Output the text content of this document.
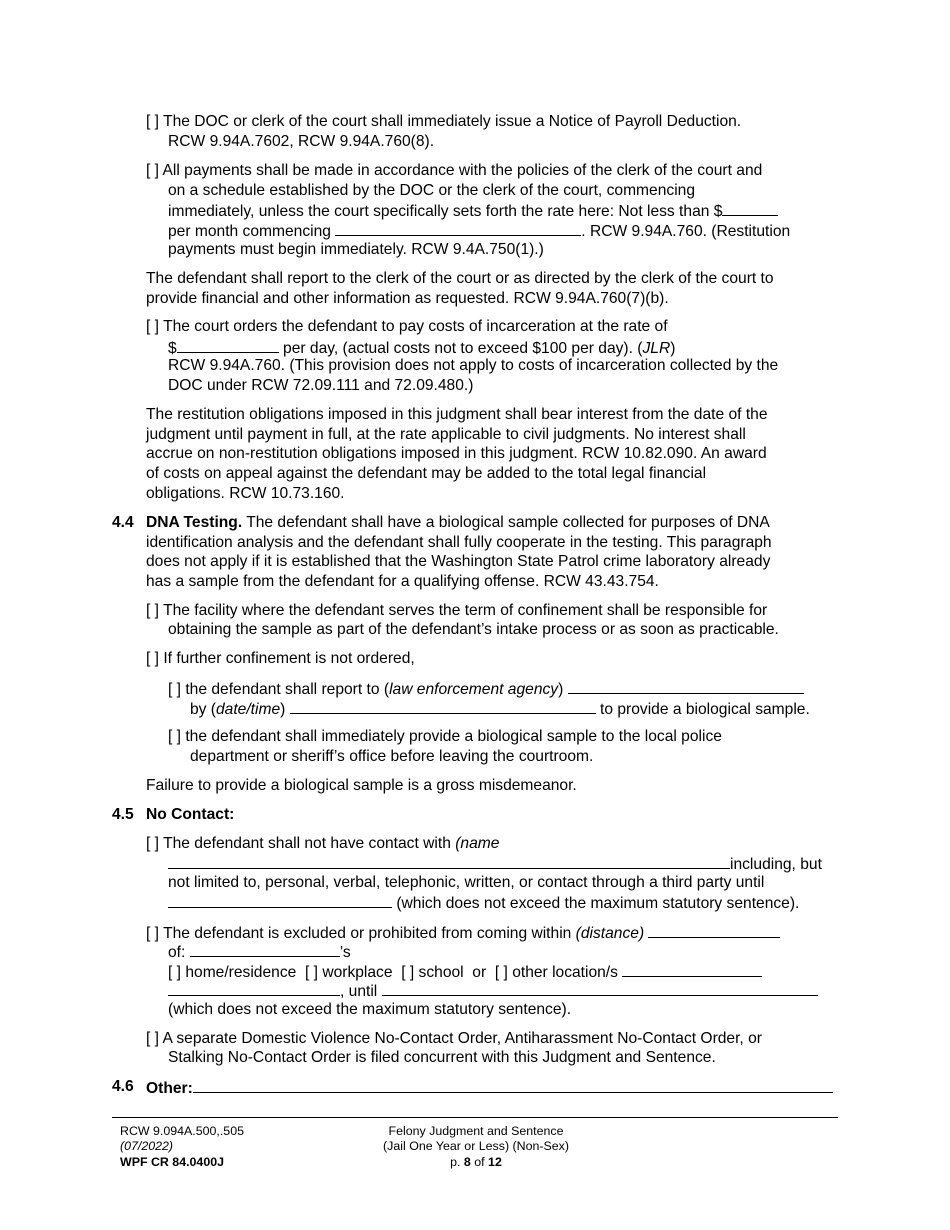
[ ] The DOC or clerk of the court shall immediately issue a Notice of Payroll Deduction.
RCW 9.94A.7602, RCW 9.94A.760(8).
[ ] All payments shall be made in accordance with the policies of the clerk of the court and
on a schedule established by the DOC or the clerk of the court, commencing
immediately, unless the court specifically sets forth the rate here: Not less than $
per month commencing	. RCW 9.94A.760. (Restitution
payments must begin immediately. RCW 9.4A.750(1).)
The defendant shall report to the clerk of the court or as directed by the clerk of the court to
provide financial and other information as requested. RCW 9.94A.760(7)(b).
[ ] The court orders the defendant to pay costs of incarceration at the rate of
$	per day, (actual costs not to exceed $100 per day). (JLR)
RCW 9.94A.760. (This provision does not apply to costs of incarceration collected by the
DOC under RCW 72.09.111 and 72.09.480.)
The restitution obligations imposed in this judgment shall bear interest from the date of the
judgment until payment in full, at the rate applicable to civil judgments. No interest shall
accrue on non-restitution obligations imposed in this judgment. RCW 10.82.090. An award
of costs on appeal against the defendant may be added to the total legal financial
obligations. RCW 10.73.160.
4.4 DNA Testing. The defendant shall have a biological sample collected for purposes of DNA
identification analysis and the defendant shall fully cooperate in the testing. This paragraph
does not apply if it is established that the Washington State Patrol crime laboratory already
has a sample from the defendant for a qualifying offense. RCW 43.43.754.
[ ] The facility where the defendant serves the term of confinement shall be responsible for
obtaining the sample as part of the defendant’s intake process or as soon as practicable.
[ ] If further confinement is not ordered,
[ ] the defendant shall report to (law enforcement agency)
by (date/time)	to provide a biological sample.
[ ] the defendant shall immediately provide a biological sample to the local police
department or sheriff’s office before leaving the courtroom.
Failure to provide a biological sample is a gross misdemeanor.
4.5 No Contact:
[ ] The defendant shall not have contact with (name
including, but
not limited to, personal, verbal, telephonic, written, or contact through a third party until
(which does not exceed the maximum statutory sentence).
[ ] The defendant is excluded or prohibited from coming within (distance)
of:	’s
[ ] home/residence [ ] workplace [ ] school or [ ] other location/s
, until
(which does not exceed the maximum statutory sentence).
[ ] A separate Domestic Violence No-Contact Order, Antiharassment No-Contact Order, or
Stalking No-Contact Order is filed concurrent with this Judgment and Sentence.
4.6 Other:
RCW 9.094A.500,.505
(07/2022)
WPF CR 84.0400J
Felony Judgment and Sentence
(Jail One Year or Less) (Non-Sex)
p. 8 of 12
